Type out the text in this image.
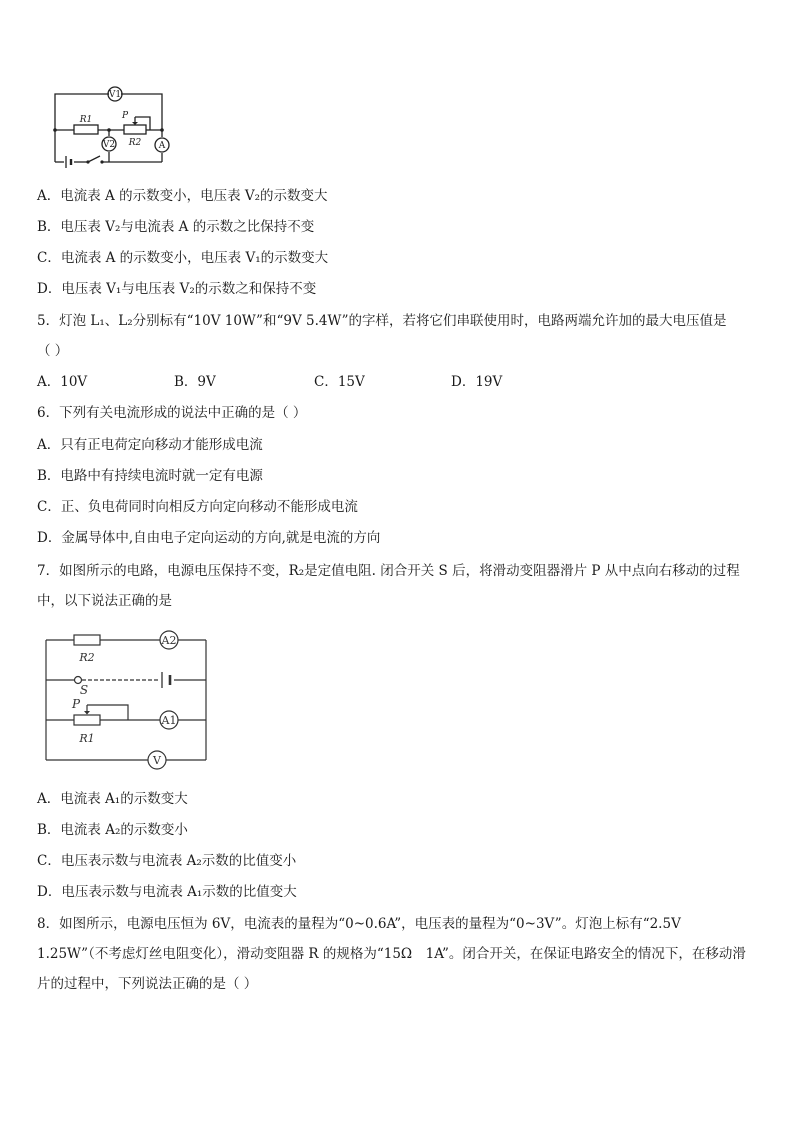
V1
R1	P
R2
V2	A
A．电流表 A 的示数变小，电压表 V₂的示数变大
B．电压表 V₂与电流表 A 的示数之比保持不变
C．电流表 A 的示数变小，电压表 V₁的示数变大
D．电压表 V₁与电压表 V₂的示数之和保持不变
5．灯泡 L₁、L₂分别标有“10V 10W”和“9V 5.4W”的字样，若将它们串联使用时，电路两端允许加的最大电压值是
（ ）
A．10V	B．9V	C．15V	D．19V
6．下列有关电流形成的说法中正确的是（ ）
A．只有正电荷定向移动才能形成电流
B．电路中有持续电流时就一定有电源
C．正、负电荷同时向相反方向定向移动不能形成电流
D．金属导体中,自由电子定向运动的方向,就是电流的方向
7．如图所示的电路，电源电压保持不变，R₂是定值电阻. 闭合开关 S 后，将滑动变阻器滑片 P 从中点向右移动的过程
中，以下说法正确的是
A2
R2
S
P
A1
R1
V
A．电流表 A₁的示数变大
B．电流表 A₂的示数变小
C．电压表示数与电流表 A₂示数的比值变小
D．电压表示数与电流表 A₁示数的比值变大
8．如图所示，电源电压恒为 6V，电流表的量程为“0~0.6A”，电压表的量程为“0~3V”。灯泡上标有“2.5V　1.25W”（不考虑灯丝电阻变化），滑动变阻器 R 的规格为“15Ω　1A”。闭合开关，在保证电路安全的情况下，在移动滑片的过程中，下列说法正确的是（ ）
